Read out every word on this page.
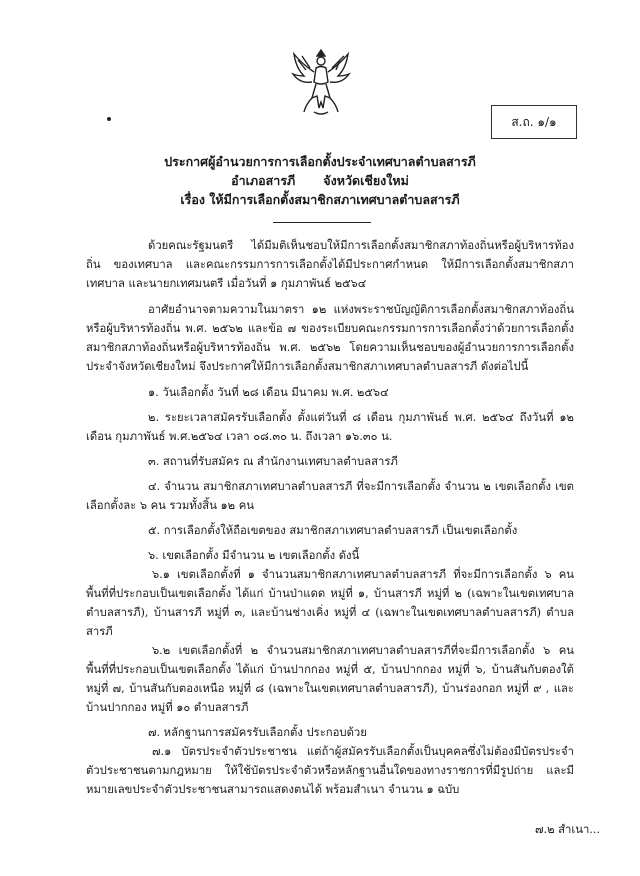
ส.ถ. ๑/๑
ประกาศผู้อำนวยการการเลือกตั้งประจำเทศบาลตำบลสารภี
อำเภอสารภี จังหวัดเชียงใหม่
เรื่อง ให้มีการเลือกตั้งสมาชิกสภาเทศบาลตำบลสารภี

ด้วยคณะรัฐมนตรี ได้มีมติเห็นชอบให้มีการเลือกตั้งสมาชิกสภาท้องถิ่นหรือผู้บริหารท้องถิ่น ของเทศบาล และคณะกรรมการการเลือกตั้งได้มีประกาศกำหนด ให้มีการเลือกตั้งสมาชิกสภาเทศบาล และนายกเทศมนตรี เมื่อวันที่ ๑ กุมภาพันธ์ ๒๕๖๔

อาศัยอำนาจตามความในมาตรา ๑๒ แห่งพระราชบัญญัติการเลือกตั้งสมาชิกสภาท้องถิ่นหรือผู้บริหารท้องถิ่น พ.ศ. ๒๕๖๒ และข้อ ๗ ของระเบียบคณะกรรมการการเลือกตั้งว่าด้วยการเลือกตั้งสมาชิกสภาท้องถิ่นหรือผู้บริหารท้องถิ่น พ.ศ. ๒๕๖๒ โดยความเห็นชอบของผู้อำนวยการการเลือกตั้งประจำจังหวัดเชียงใหม่ จึงประกาศให้มีการเลือกตั้งสมาชิกสภาเทศบาลตำบลสารภี ดังต่อไปนี้

๑. วันเลือกตั้ง วันที่ ๒๘ เดือน มีนาคม พ.ศ. ๒๕๖๔

๒. ระยะเวลาสมัครรับเลือกตั้ง ตั้งแต่วันที่ ๘ เดือน กุมภาพันธ์ พ.ศ. ๒๕๖๔ ถึงวันที่ ๑๒ เดือน กุมภาพันธ์ พ.ศ.๒๕๖๔ เวลา ๐๘.๓๐ น. ถึงเวลา ๑๖.๓๐ น.

๓. สถานที่รับสมัคร ณ สำนักงานเทศบาลตำบลสารภี

๔. จำนวน สมาชิกสภาเทศบาลตำบลสารภี ที่จะมีการเลือกตั้ง จำนวน ๒ เขตเลือกตั้ง เขตเลือกตั้งละ ๖ คน รวมทั้งสิ้น ๑๒ คน

๕. การเลือกตั้งให้ถือเขตของ สมาชิกสภาเทศบาลตำบลสารภี เป็นเขตเลือกตั้ง

๖. เขตเลือกตั้ง มีจำนวน ๒ เขตเลือกตั้ง ดังนี้

๖.๑ เขตเลือกตั้งที่ ๑ จำนวนสมาชิกสภาเทศบาลตำบลสารภี ที่จะมีการเลือกตั้ง ๖ คน พื้นที่ที่ประกอบเป็นเขตเลือกตั้ง ได้แก่ บ้านป่าแดด หมู่ที่ ๑, บ้านสารภี หมู่ที่ ๒ (เฉพาะในเขตเทศบาลตำบลสารภี), บ้านสารภี หมู่ที่ ๓, และบ้านช่างเคิ่ง หมู่ที่ ๔ (เฉพาะในเขตเทศบาลตำบลสารภี) ตำบลสารภี

๖.๒ เขตเลือกตั้งที่ ๒ จำนวนสมาชิกสภาเทศบาลตำบลสารภีที่จะมีการเลือกตั้ง ๖ คน พื้นที่ที่ประกอบเป็นเขตเลือกตั้ง ได้แก่ บ้านปากกอง หมู่ที่ ๕, บ้านปากกอง หมู่ที่ ๖, บ้านสันกับตองใต้ หมู่ที่ ๗, บ้านสันกับตองเหนือ หมู่ที่ ๘ (เฉพาะในเขตเทศบาลตำบลสารภี), บ้านร่องกอก หมู่ที่ ๙ , และบ้านปากกอง หมู่ที่ ๑๐ ตำบลสารภี

๗. หลักฐานการสมัครรับเลือกตั้ง ประกอบด้วย

๗.๑ บัตรประจำตัวประชาชน แต่ถ้าผู้สมัครรับเลือกตั้งเป็นบุคคลซึ่งไม่ต้องมีบัตรประจำตัวประชาชนตามกฎหมาย ให้ใช้บัตรประจำตัวหรือหลักฐานอื่นใดของทางราชการที่มีรูปถ่าย และมีหมายเลขประจำตัวประชาชนสามารถแสดงตนได้ พร้อมสำเนา จำนวน ๑ ฉบับ

๗.๒ สำเนา...
